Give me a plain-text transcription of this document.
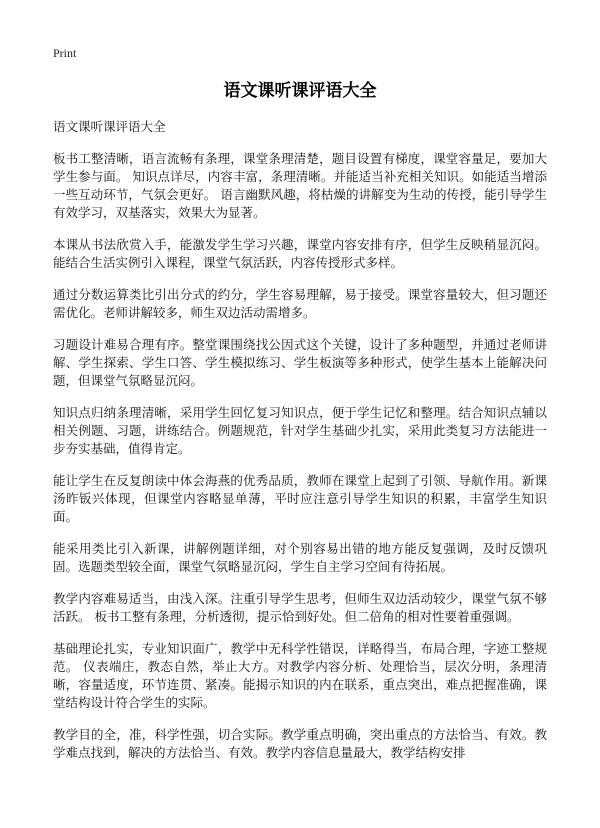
Print
语文课听课评语大全

语文课听课评语大全

板书工整清晰，语言流畅有条理，课堂条理清楚，题目设置有梯度，课堂容量足，要加大学生参与面。 知识点详尽，内容丰富，条理清晰。并能适当补充相关知识。如能适当增添一些互动环节，气氛会更好。 语言幽默风趣，将枯燥的讲解变为生动的传授，能引导学生有效学习，双基落实，效果大为显著。

本课从书法欣赏入手，能激发学生学习兴趣，课堂内容安排有序，但学生反映稍显沉闷。能结合生活实例引入课程，课堂气氛活跃，内容传授形式多样。

通过分数运算类比引出分式的约分，学生容易理解，易于接受。课堂容量较大，但习题还需优化。老师讲解较多，师生双边活动需增多。

习题设计难易合理有序。整堂课围绕找公因式这个关键，设计了多种题型，并通过老师讲解、学生探索、学生口答、学生模拟练习、学生板演等多种形式，使学生基本上能解决问题，但课堂气氛略显沉闷。

知识点归纳条理清晰，采用学生回忆复习知识点，便于学生记忆和整理。结合知识点辅以相关例题、习题，讲练结合。例题规范，针对学生基础少扎实，采用此类复习方法能进一步夯实基础，值得肯定。

能让学生在反复朗读中体会海燕的优秀品质，教师在课堂上起到了引领、导航作用。新课汤昨钣兴体现，但课堂内容略显单薄，平时应注意引导学生知识的积累，丰富学生知识面。

能采用类比引入新课，讲解例题详细，对个别容易出错的地方能反复强调，及时反馈巩固。选题类型较全面，课堂气氛略显沉闷，学生自主学习空间有待拓展。

教学内容难易适当，由浅入深。注重引导学生思考，但师生双边活动较少，课堂气氛不够活跃。 板书工整有条理，分析透彻，提示恰到好处。但二倍角的相对性要着重强调。

基础理论扎实，专业知识面广，教学中无科学性错误，详略得当，布局合理，字迹工整规范。 仪表端庄，教态自然，举止大方。对教学内容分析、处理恰当，层次分明，条理清晰，容量适度，环节连贯、紧凑。能揭示知识的内在联系，重点突出，难点把握准确，课堂结构设计符合学生的实际。

教学目的全，准，科学性强，切合实际。教学重点明确，突出重点的方法恰当、有效。教学难点找到，解决的方法恰当、有效。教学内容信息量最大，教学结构安排
